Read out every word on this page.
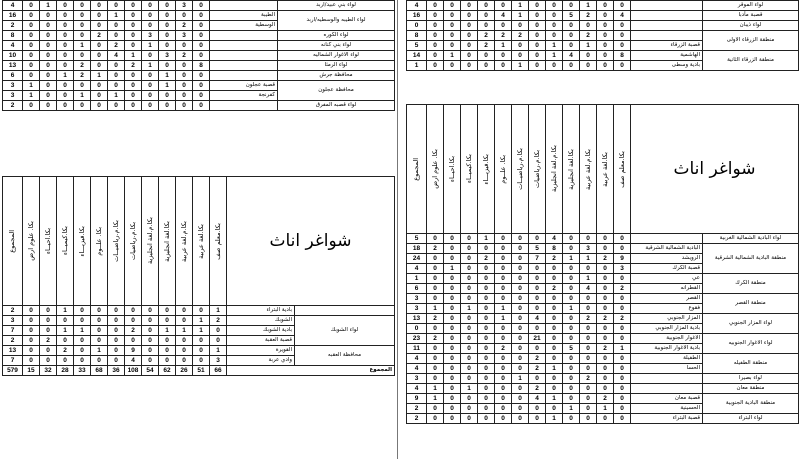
4	0	1	0	0	0	0	0	0	0	3	0		لواء بني عبيد/اربد
16	0	0	0	0	0	1	0	0	0	0	0	الطيبة	لواء الطيبه والوسطيه/اربد
2	0	0	0	0	0	0	0	0	0	2	0	الوسطية	
8	0	0	0	0	2	0	0	3	0	3	0		لواء الكوره
4	0	0	0	1	0	2	0	1	0	0	0		لواء بني كنانه
10	0	0	0	0	0	4	1	0	3	2	0		لواء الاغوار الشماليه
13	0	0	0	2	0	0	2	1	0	0	8		لواء الرمثا
6	0	0	1	2	1	0	0	0	1	0	0		محافظة جرش
3	1	0	0	0	0	0	0	0	1	0	0	قصبة عجلون	محافظة عجلون
3	1	0	0	1	0	1	0	0	0	0	0	كفرنجة	
2	0	0	0	0	0	0	0	0	0	0	0		لواء قصبه المفرق
المجموع	بكا. علوم ارض	بكا.احيــاء	بكا.كيميــاء	بكا.فيزيـــاء	بكا. علــوم	بكا.م.رياضيــات	بكا.م.رياضيات	بكا.م.لغة انجليزية	بكا.لغة انجليزية	بكا.م.لغة عربية	بكا.لغة عربية	بكا.معلم صف	شواغر اناث	
2	0	0	1	0	0	0	0	0	0	0	0	1	بادية البتراء	
3	0	0	0	0	0	0	0	0	0	0	1	2	الشوبك	لواء الشوبك
7	0	0	1	1	0	0	2	0	1	1	1	0	بادية الشوبك	
2	0	2	0	0	0	0	0	0	0	0	0	0	قصبة العقبة	
13	0	0	2	0	1	0	9	0	0	0	0	1	القويرة	محافظة العقبه
7	0	0	0	0	0	0	4	0	0	0	0	3	وادي عربة	
579	15	32	28	33	68	36	108	54	62	26	51	66	المجموع	
4	0	0	0	0	0	1	0	0	0	1	0	0		لواء الموقر
16	0	0	0	0	4	1	0	0	5	2	0	4		قصبة مأدبا
0	0	0	0	0	0	0	0	0	0	0	0	0		لواء ذيبان
8	0	0	0	2	2	2	0	0	0	2	0	0		منطقة الزرقاء الاولى
5	0	0	0	2	1	0	0	1	0	1	0	0	قصبة الزرقاء	
14	0	1	0	0	0	0	0	1	4	0	0	8	الهاشمية	منطقة الزرقاء الثانية
1	0	0	0	0	0	1	0	0	0	0	0	0	بادية وسطى	
المجموع	بكا. علوم ارض	بكا.احيــاء	بكا.كيميــاء	بكا.فيزيـــاء	بكا. علــوم	بكا.م.رياضيــات	بكا.م.رياضيات	بكا.م.لغة انجليزية	بكا.لغة انجليزية	بكا.م.لغة عربية	بكا.لغة عربية	بكا.معلم صف	شواغر اناث	
5	0	0	0	1	0	0	0	4	0	0	0	0		لواء البادية الشمالية الغربية
18	2	0	0	0	0	0	5	8	0	3	0	0	البادية الشمالية الشرقية	منطقة البادية الشمالية الشرقية
24	0	0	0	2	0	0	7	2	1	1	2	9	الرويشد	
4	0	1	0	0	0	0	0	0	0	0	0	3	قصبة الكرك	
1	0	0	0	0	0	0	0	0	0	1	0	0	عي	منطقة الكرك
6	0	0	0	0	0	0	0	2	0	4	0	2	القطرانه	
3	0	0	0	0	0	0	0	0	0	0	0	0	القصر	منطقة القصر
3	1	0	1	0	1	0	0	0	1	0	0	0	فقوع	
13	2	0	0	0	1	0	4	0	0	2	2	2	المزار الجنوبي	لواء المزار الجنوبي
0	0	0	0	0	0	0	0	0	0	0	0	0	بادية المزار الجنوبي	
23	2	0	0	0	0	0	21	0	0	0	0	0	الاغوار الجنوبية	لواء الاغوار الجنوبيه
11	0	0	0	0	2	0	0	0	5	0	2	1	بادية الاغوار الجنوبية	
4	0	0	0	0	0	0	2	0	0	0	0	0	الطفيلة	منطقة الطفيله
4	0	0	0	0	0	0	2	1	0	0	0	0	الحسا	
3	0	0	0	0	0	1	0	0	0	2	0	0		لواء بصيرا
4	1	0	1	0	0	0	2	0	0	0	0	0		منطقة معان
9	1	0	0	0	0	0	4	1	0	0	2	0	قصبة معان	منطقة البادية الجنوبية
2	0	0	0	0	0	0	0	0	1	0	1	0	الحسينية	
2	0	0	0	0	0	0	0	1	0	0	0	0	قصبة البتراء	لواء البتراء
